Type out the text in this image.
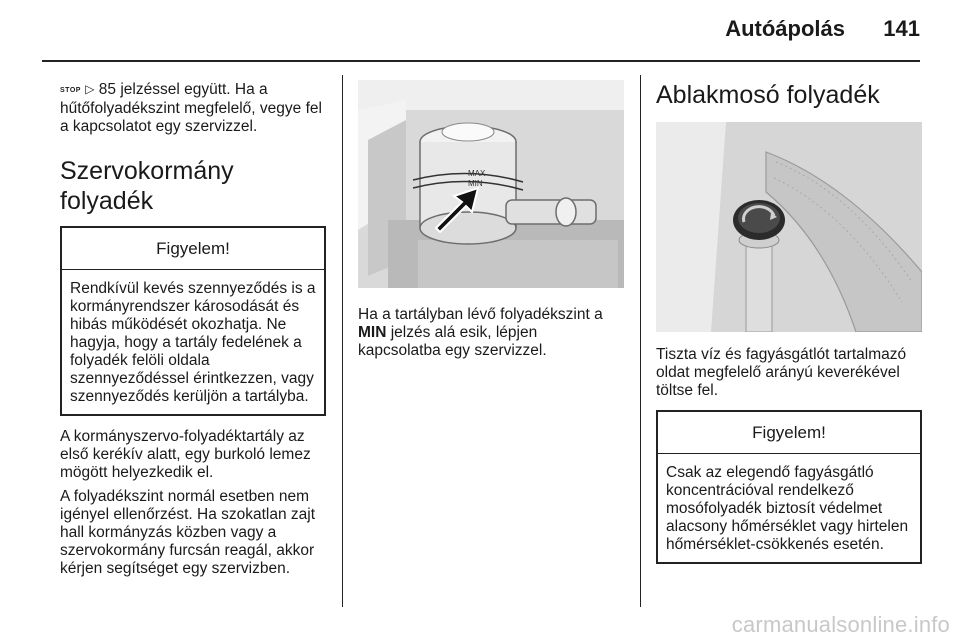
Autóápolás	141

STOP ▷ 85 jelzéssel együtt. Ha a hűtőfolyadékszint megfelelő, vegye fel a kapcsolatot egy szervizzel.

Szervokormány folyadék
Figyelem!
Rendkívül kevés szennyeződés is a kormányrendszer károsodását és hibás működését okozhatja. Ne hagyja, hogy a tartály fedelének a folyadék felöli oldala szennyeződéssel érintkezzen, vagy szennyeződés kerüljön a tartályba.

A kormányszervo-folyadéktartály az első kerékív alatt, egy burkoló lemez mögött helyezkedik el.

A folyadékszint normál esetben nem igényel ellenőrzést. Ha szokatlan zajt hall kormányzás közben vagy a szervokormány furcsán reagál, akkor kérjen segítséget egy szervizben.

MAX
MIN

Ha a tartályban lévő folyadékszint a MIN jelzés alá esik, lépjen kapcsolatba egy szervizzel.

Ablakmosó folyadék

Tiszta víz és fagyásgátlót tartalmazó oldat megfelelő arányú keverékével töltse fel.

Figyelem!
Csak az elegendő fagyásgátló koncentrációval rendelkező mosófolyadék biztosít védelmet alacsony hőmérséklet vagy hirtelen hőmérséklet-csökkenés esetén.
carmanualsonline.info
